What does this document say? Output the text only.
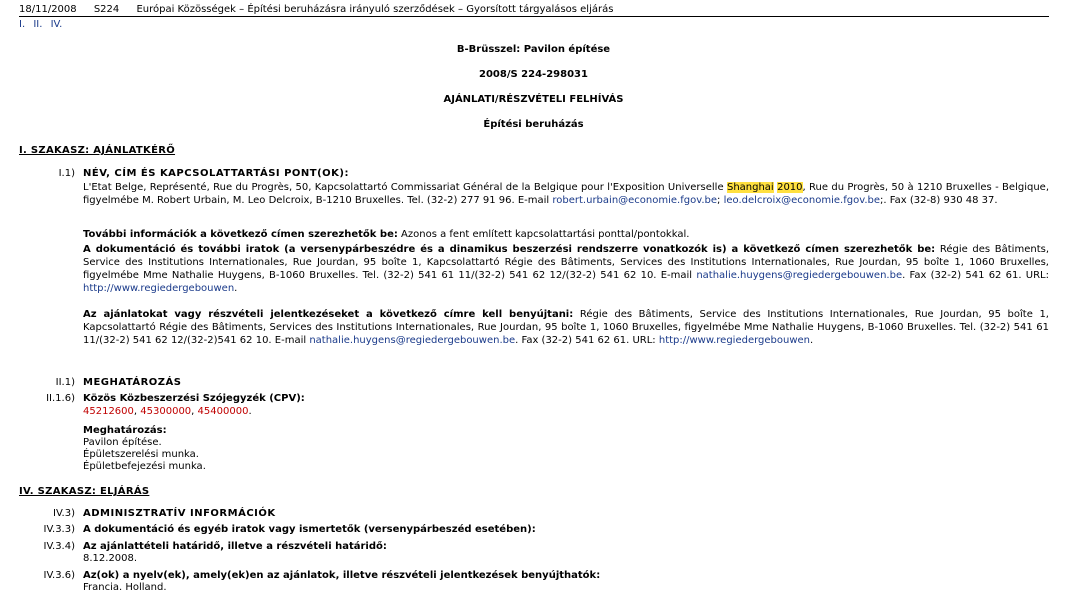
18/11/2008 S224 Európai Közösségek – Építési beruházásra irányuló szerződések – Gyorsított tárgyalásos eljárás
I. II. IV.
B-Brüsszel: Pavilon építése
2008/S 224-298031
AJÁNLATI/RÉSZVÉTELI FELHÍVÁS
Építési beruházás
I. SZAKASZ: AJÁNLATKÉRŐ
I.1) NÉV, CÍM ÉS KAPCSOLATTARTÁSI PONT(OK):

L'Etat Belge, Représenté, Rue du Progrès, 50, Kapcsolattartó Commissariat Général de la Belgique pour l'Exposition Universelle Shanghai 2010, Rue du Progrès, 50 à 1210 Bruxelles - Belgique, figyelmébe M. Robert Urbain, M. Leo Delcroix, B-1210 Bruxelles. Tel. (32-2) 277 91 96. E-mail robert.urbain@economie.fgov.be; leo.delcroix@economie.fgov.be;. Fax (32-8) 930 48 37.

További információk a következő címen szerezhetők be: Azonos a fent említett kapcsolattartási ponttal/pontokkal.

A dokumentáció és további iratok (a versenypárbeszédre és a dinamikus beszerzési rendszerre vonatkozók is) a következő címen szerezhetők be: Régie des Bâtiments, Service des Institutions Internationales, Rue Jourdan, 95 boîte 1, Kapcsolattartó Régie des Bâtiments, Services des Institutions Internationales, Rue Jourdan, 95 boîte 1, 1060 Bruxelles, figyelmébe Mme Nathalie Huygens, B-1060 Bruxelles. Tel. (32-2) 541 61 11/(32-2) 541 62 12/(32-2) 541 62 10. E-mail nathalie.huygens@regiedergebouwen.be. Fax (32-2) 541 62 61. URL: http://www.regiedergebouwen.

Az ajánlatokat vagy részvételi jelentkezéseket a következő címre kell benyújtani: Régie des Bâtiments, Service des Institutions Internationales, Rue Jourdan, 95 boîte 1, Kapcsolattartó Régie des Bâtiments, Services des Institutions Internationales, Rue Jourdan, 95 boîte 1, 1060 Bruxelles, figyelmébe Mme Nathalie Huygens, B-1060 Bruxelles. Tel. (32-2) 541 61 11/(32-2) 541 62 12/(32-2)541 62 10. E-mail nathalie.huygens@regiedergebouwen.be. Fax (32-2) 541 62 61. URL: http://www.regiedergebouwen.

II.1) MEGHATÁROZÁS
II.1.6) Közös Közbeszerzési Szójegyzék (CPV):
45212600, 45300000, 45400000.
Meghatározás:
Pavilon építése.
Épületszerelési munka.
Épületbefejezési munka.
IV. SZAKASZ: ELJÁRÁS
IV.3) ADMINISZTRATÍV INFORMÁCIÓK
IV.3.3) A dokumentáció és egyéb iratok vagy ismertetők (versenypárbeszéd esetében):
IV.3.4) Az ajánlattételi határidő, illetve a részvételi határidő:
8.12.2008.
IV.3.6) Az(ok) a nyelv(ek), amely(ek)en az ajánlatok, illetve részvételi jelentkezések benyújthatók:
Francia. Holland.
